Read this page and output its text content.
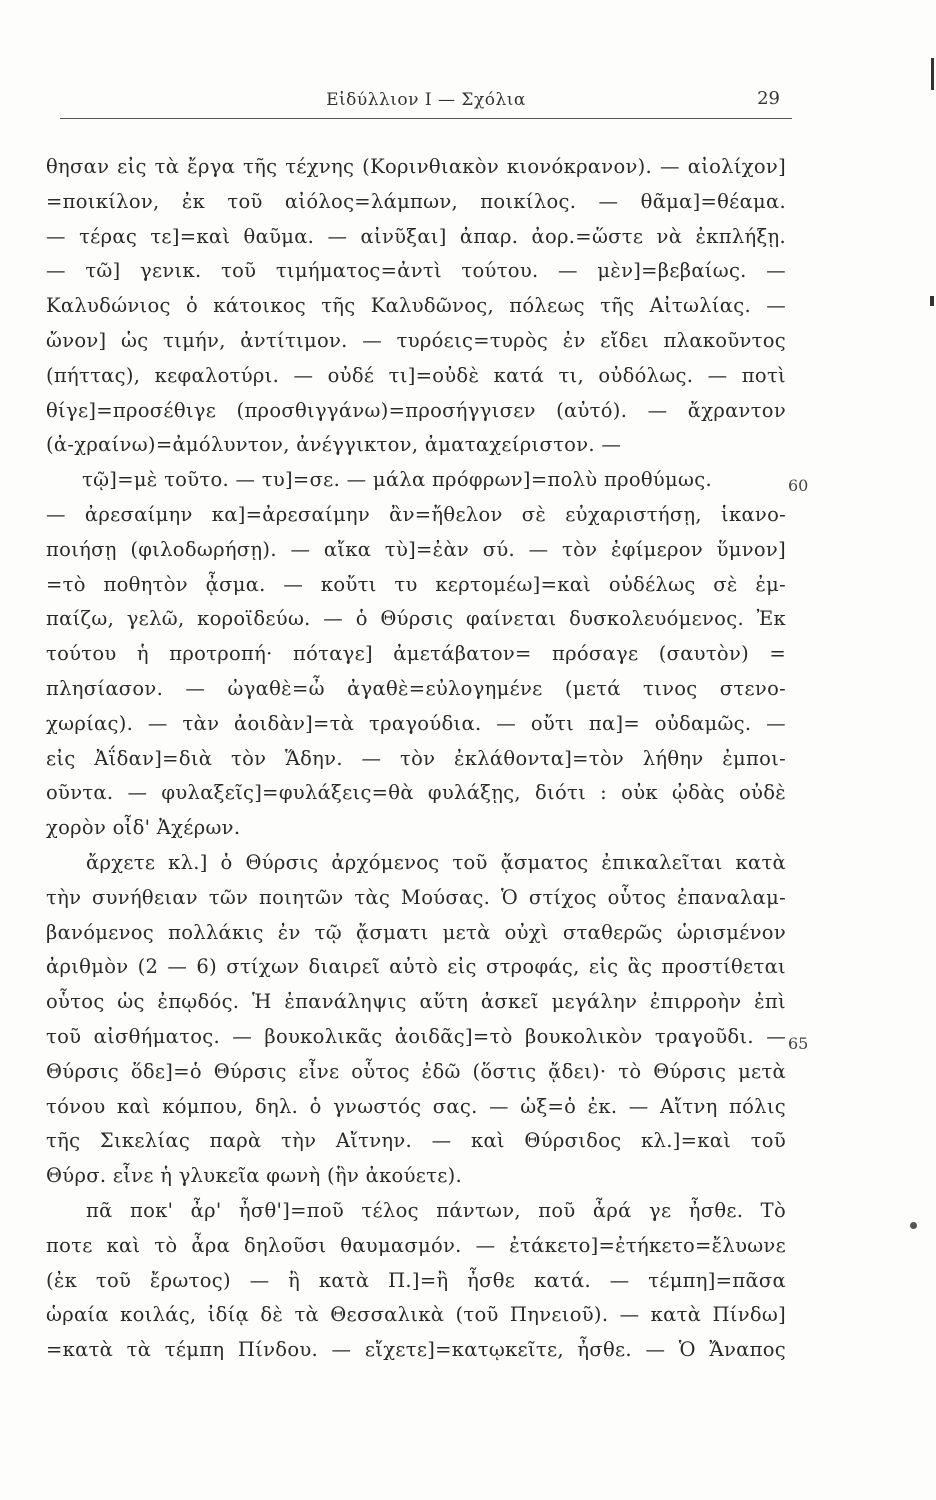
Εἰδύλλιον Ι — Σχόλια	29
θησαν εἰς τὰ ἔργα τῆς τέχνης (Κορινθιακὸν κιονόκρανον). — αἰολίχον]
=ποικίλον, ἐκ τοῦ αἰόλος=λάμπων, ποικίλος. — θᾶμα]=θέαμα.
— τέρας τε]=καὶ θαῦμα. — αἰνῦξαι] ἀπαρ. ἀορ.=ὥστε νὰ ἐκπλήξῃ.
— τῶ] γενικ. τοῦ τιμήματος=ἀντὶ τούτου. — μὲν]=βεβαίως. —
Καλυδώνιος ὁ κάτοικος τῆς Καλυδῶνος, πόλεως τῆς Αἰτωλίας. —
ὤνον] ὡς τιμήν, ἀντίτιμον. — τυρόεις=τυρὸς ἐν εἴδει πλακοῦντος
(πήττας), κεφαλοτύρι. — οὐδέ τι]=οὐδὲ κατά τι, οὐδόλως. — ποτὶ
θίγε]=προσέθιγε (προσθιγγάνω)=προσήγγισεν (αὐτό). — ἄχραντον
(ἀ-χραίνω)=ἀμόλυντον, ἀνέγγικτον, ἀματαχείριστον. —
τῷ]=μὲ τοῦτο. — τυ]=σε. — μάλα πρόφρων]=πολὺ προθύμως.
— ἀρεσαίμην κα]=ἀρεσαίμην ἂν=ἤθελον σὲ εὐχαριστήσῃ, ἱκανο-
ποιήσῃ (φιλοδωρήσῃ). — αἴκα τὺ]=ἐὰν σύ. — τὸν ἐφίμερον ὕμνον]
=τὸ ποθητὸν ᾆσμα. — κοὔτι τυ κερτομέω]=καὶ οὐδέλως σὲ ἐμ-
παίζω, γελῶ, κοροϊδεύω. — ὁ Θύρσις φαίνεται δυσκολευόμενος. Ἐκ
τούτου ἡ προτροπή· πόταγε] ἀμετάβατον= πρόσαγε (σαυτὸν) =
πλησίασον. — ὠγαθὲ=ὦ ἀγαθὲ=εὐλογημένε (μετά τινος στενο-
χωρίας). — τὰν ἀοιδὰν]=τὰ τραγούδια. — οὔτι πα]= οὐδαμῶς. —
εἰς Ἀΐδαν]=διὰ τὸν Ἅδην. — τὸν ἐκλάθοντα]=τὸν λήθην ἐμποι-
οῦντα. — φυλαξεῖς]=φυλάξεις=θὰ φυλάξῃς, διότι : οὐκ ᾠδὰς οὐδὲ
χορὸν οἶδ' Ἀχέρων.
ἄρχετε κλ.] ὁ Θύρσις ἀρχόμενος τοῦ ᾄσματος ἐπικαλεῖται κατὰ
τὴν συνήθειαν τῶν ποιητῶν τὰς Μούσας. Ὁ στίχος οὗτος ἐπαναλαμ-
βανόμενος πολλάκις ἐν τῷ ᾄσματι μετὰ οὐχὶ σταθερῶς ὡρισμένον
ἀριθμὸν (2 — 6) στίχων διαιρεῖ αὐτὸ εἰς στροφάς, εἰς ἃς προστίθεται
οὗτος ὡς ἐπῳδός. Ἡ ἐπανάληψις αὕτη ἀσκεῖ μεγάλην ἐπιρροὴν ἐπὶ
τοῦ αἰσθήματος. — βουκολικᾶς ἀοιδᾶς]=τὸ βουκολικὸν τραγοῦδι. —
Θύρσις ὅδε]=ὁ Θύρσις εἶνε οὗτος ἐδῶ (ὅστις ᾄδει)· τὸ Θύρσις μετὰ
τόνου καὶ κόμπου, δηλ. ὁ γνωστός σας. — ὡξ=ὁ ἐκ. — Αἴτνη πόλις
τῆς Σικελίας παρὰ τὴν Αἴτνην. — καὶ Θύρσιδος κλ.]=καὶ τοῦ
Θύρσ. εἶνε ἡ γλυκεῖα φωνὴ (ἣν ἀκούετε).
πᾶ ποκ' ἆρ' ἦσθ']=ποῦ τέλος πάντων, ποῦ ἆρά γε ἦσθε. Τὸ
ποτε καὶ τὸ ἆρα δηλοῦσι θαυμασμόν. — ἐτάκετο]=ἐτήκετο=ἔλυωνε
(ἐκ τοῦ ἔρωτος) — ἢ κατὰ Π.]=ἢ ἦσθε κατά. — τέμπη]=πᾶσα
ὡραία κοιλάς, ἰδίᾳ δὲ τὰ Θεσσαλικὰ (τοῦ Πηνειοῦ). — κατὰ Πίνδω]
=κατὰ τὰ τέμπη Πίνδου. — εἴχετε]=κατῳκεῖτε, ἦσθε. — Ὁ Ἄναπος
60
65
